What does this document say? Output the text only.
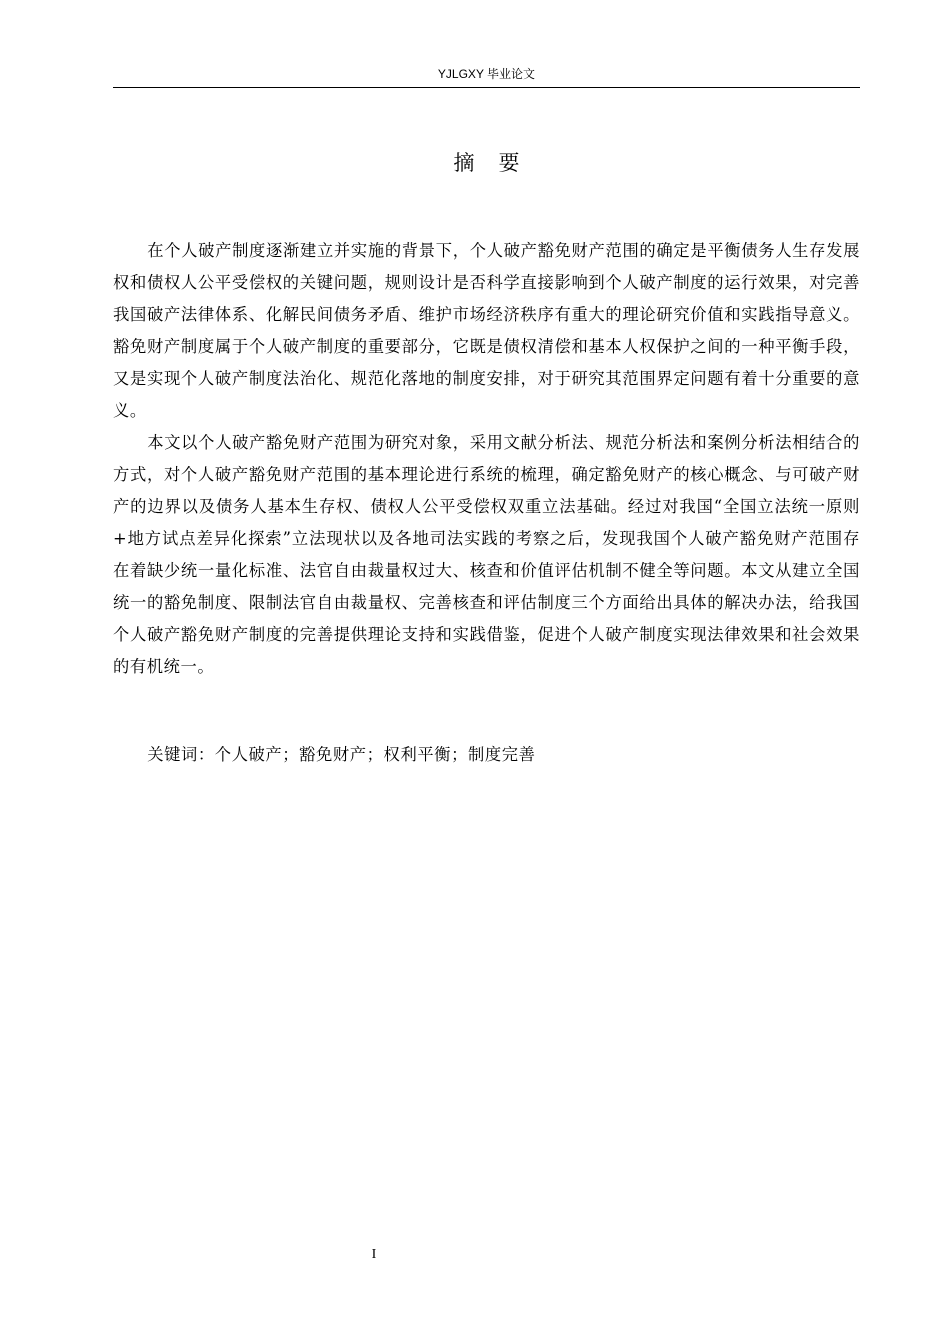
YJLGXY 毕业论文
摘要

在个人破产制度逐渐建立并实施的背景下，个人破产豁免财产范围的确定是平衡债务人生存发展权和债权人公平受偿权的关键问题，规则设计是否科学直接影响到个人破产制度的运行效果，对完善我国破产法律体系、化解民间债务矛盾、维护市场经济秩序有重大的理论研究价值和实践指导意义。豁免财产制度属于个人破产制度的重要部分，它既是债权清偿和基本人权保护之间的一种平衡手段，又是实现个人破产制度法治化、规范化落地的制度安排，对于研究其范围界定问题有着十分重要的意义。

本文以个人破产豁免财产范围为研究对象，采用文献分析法、规范分析法和案例分析法相结合的方式，对个人破产豁免财产范围的基本理论进行系统的梳理，确定豁免财产的核心概念、与可破产财产的边界以及债务人基本生存权、债权人公平受偿权双重立法基础。经过对我国“全国立法统一原则+地方试点差异化探索”立法现状以及各地司法实践的考察之后，发现我国个人破产豁免财产范围存在着缺少统一量化标准、法官自由裁量权过大、核查和价值评估机制不健全等问题。本文从建立全国统一的豁免制度、限制法官自由裁量权、完善核查和评估制度三个方面给出具体的解决办法，给我国个人破产豁免财产制度的完善提供理论支持和实践借鉴，促进个人破产制度实现法律效果和社会效果的有机统一。

关键词：个人破产；豁免财产；权利平衡；制度完善
I
